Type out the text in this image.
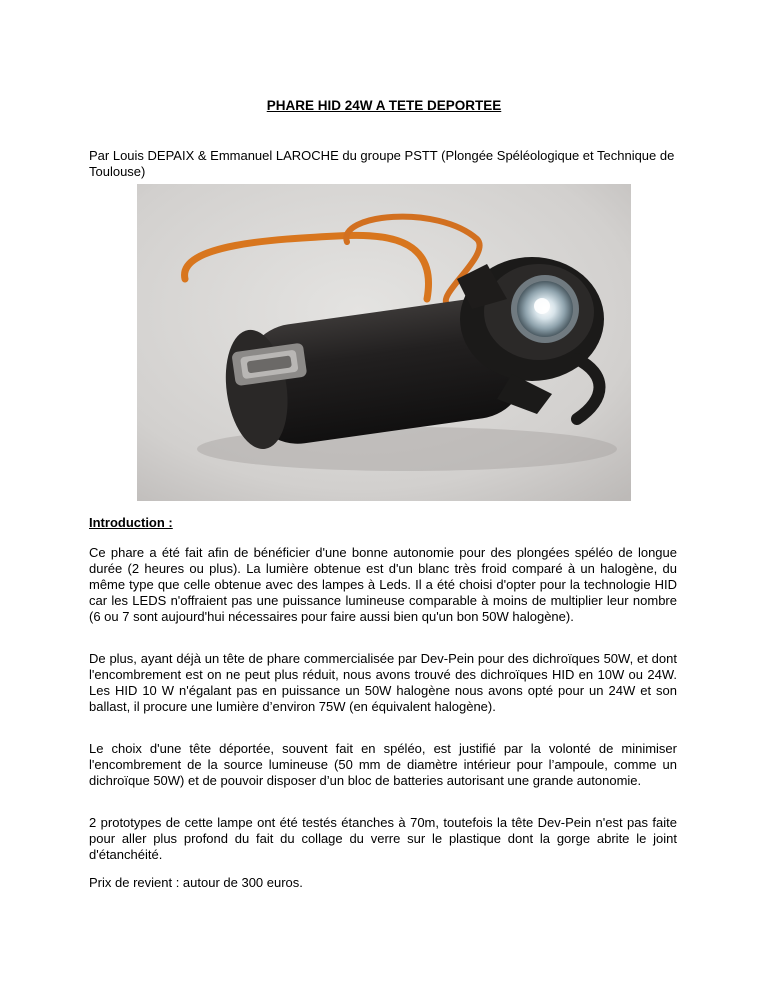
PHARE HID 24W A TETE DEPORTEE
Par Louis DEPAIX & Emmanuel LAROCHE du groupe PSTT (Plongée Spéléologique et Technique de Toulouse)
Introduction :

Ce phare a été fait afin de bénéficier d'une bonne autonomie pour des plongées spéléo de longue durée (2 heures ou plus). La lumière obtenue est d'un blanc très froid comparé à un halogène, du même type que celle obtenue avec des lampes à Leds. Il a été choisi d'opter pour la technologie HID car les LEDS n'offraient pas une puissance lumineuse comparable à moins de multiplier leur nombre (6 ou 7 sont aujourd'hui nécessaires pour faire aussi bien qu'un bon 50W halogène).

De plus, ayant déjà un tête de phare commercialisée par Dev-Pein pour des dichroïques 50W, et dont l'encombrement est on ne peut plus réduit, nous avons trouvé des dichroïques HID en 10W ou 24W. Les HID 10 W n'égalant pas en puissance un 50W halogène nous avons opté pour un 24W et son ballast, il procure une lumière d’environ 75W (en équivalent halogène).

Le choix d'une tête déportée, souvent fait en spéléo, est justifié par la volonté de minimiser l'encombrement de la source lumineuse (50 mm de diamètre intérieur pour l’ampoule, comme un dichroïque 50W) et de pouvoir disposer d’un bloc de batteries autorisant une grande autonomie.

2 prototypes de cette lampe ont été testés étanches à 70m, toutefois la tête Dev-Pein n'est pas faite pour aller plus profond du fait du collage du verre sur le plastique dont la gorge abrite le joint d'étanchéité.

Prix de revient : autour de 300 euros.
